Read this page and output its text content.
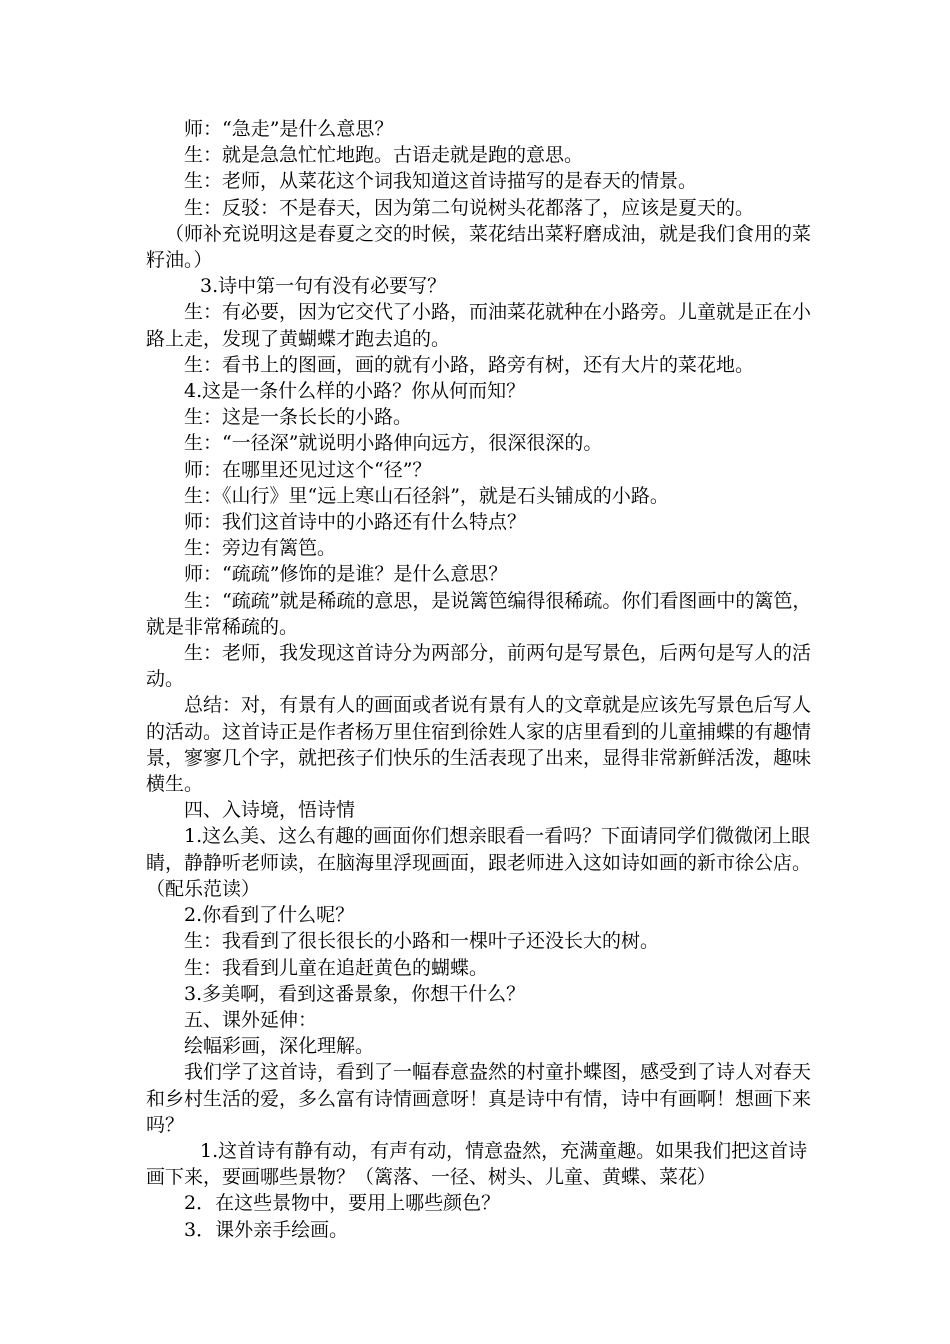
师：“急走”是什么意思？

生：就是急急忙忙地跑。古语走就是跑的意思。

生：老师，从菜花这个词我知道这首诗描写的是春天的情景。

生：反驳：不是春天，因为第二句说树头花都落了，应该是夏天的。

（师补充说明这是春夏之交的时候，菜花结出菜籽磨成油，就是我们食用的菜籽油。）

3.诗中第一句有没有必要写？

生：有必要，因为它交代了小路，而油菜花就种在小路旁。儿童就是正在小路上走，发现了黄蝴蝶才跑去追的。

生：看书上的图画，画的就有小路，路旁有树，还有大片的菜花地。

4.这是一条什么样的小路？你从何而知？

生：这是一条长长的小路。

生：“一径深”就说明小路伸向远方，很深很深的。

师：在哪里还见过这个“径”？

生：《山行》里“远上寒山石径斜”，就是石头铺成的小路。

师：我们这首诗中的小路还有什么特点？

生：旁边有篱笆。

师：“疏疏”修饰的是谁？是什么意思？

生：“疏疏”就是稀疏的意思，是说篱笆编得很稀疏。你们看图画中的篱笆，就是非常稀疏的。

生：老师，我发现这首诗分为两部分，前两句是写景色，后两句是写人的活动。

总结：对，有景有人的画面或者说有景有人的文章就是应该先写景色后写人的活动。这首诗正是作者杨万里住宿到徐姓人家的店里看到的儿童捕蝶的有趣情景，寥寥几个字，就把孩子们快乐的生活表现了出来，显得非常新鲜活泼，趣味横生。

四、入诗境，悟诗情

1.这么美、这么有趣的画面你们想亲眼看一看吗？下面请同学们微微闭上眼睛，静静听老师读，在脑海里浮现画面，跟老师进入这如诗如画的新市徐公店。（配乐范读）

2.你看到了什么呢？

生：我看到了很长很长的小路和一棵叶子还没长大的树。

生：我看到儿童在追赶黄色的蝴蝶。

3.多美啊，看到这番景象，你想干什么？

五、课外延伸：

绘幅彩画，深化理解。

我们学了这首诗，看到了一幅春意盎然的村童扑蝶图，感受到了诗人对春天和乡村生活的爱，多么富有诗情画意呀！真是诗中有情，诗中有画啊！想画下来吗？

1.这首诗有静有动，有声有动，情意盎然，充满童趣。如果我们把这首诗画下来，要画哪些景物？（篱落、一径、树头、儿童、黄蝶、菜花）

2．在这些景物中，要用上哪些颜色？

3．课外亲手绘画。
